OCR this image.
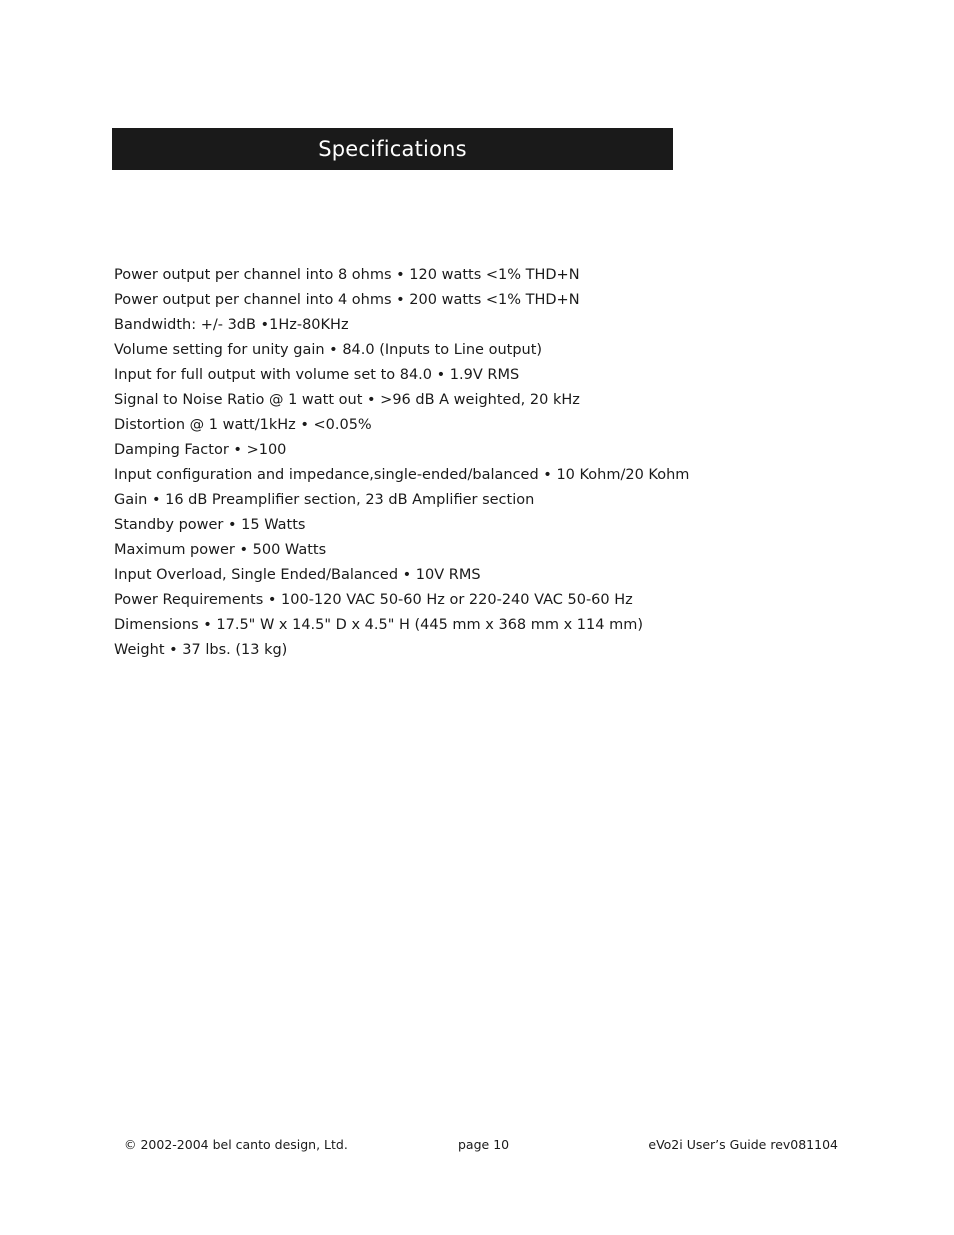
Specifications
Power output per channel into 8 ohms • 120 watts <1% THD+N
Power output per channel into 4 ohms • 200 watts <1% THD+N
Bandwidth: +/- 3dB •1Hz-80KHz
Volume setting for unity gain • 84.0 (Inputs to Line output)
Input for full output with volume set to 84.0 • 1.9V RMS
Signal to Noise Ratio @ 1 watt out • >96 dB A weighted, 20 kHz
Distortion @ 1 watt/1kHz • <0.05%
Damping Factor • >100
Input configuration and impedance,single-ended/balanced • 10 Kohm/20 Kohm
Gain • 16 dB Preamplifier section, 23 dB Amplifier section
Standby power • 15 Watts
Maximum power • 500 Watts
Input Overload, Single Ended/Balanced • 10V RMS
Power Requirements • 100-120 VAC 50-60 Hz or 220-240 VAC 50-60 Hz
Dimensions • 17.5" W x 14.5" D x 4.5" H (445 mm x 368 mm x 114 mm)
Weight • 37 lbs. (13 kg)
© 2002-2004 bel canto design, Ltd.	page 10	eVo2i User’s Guide rev081104
